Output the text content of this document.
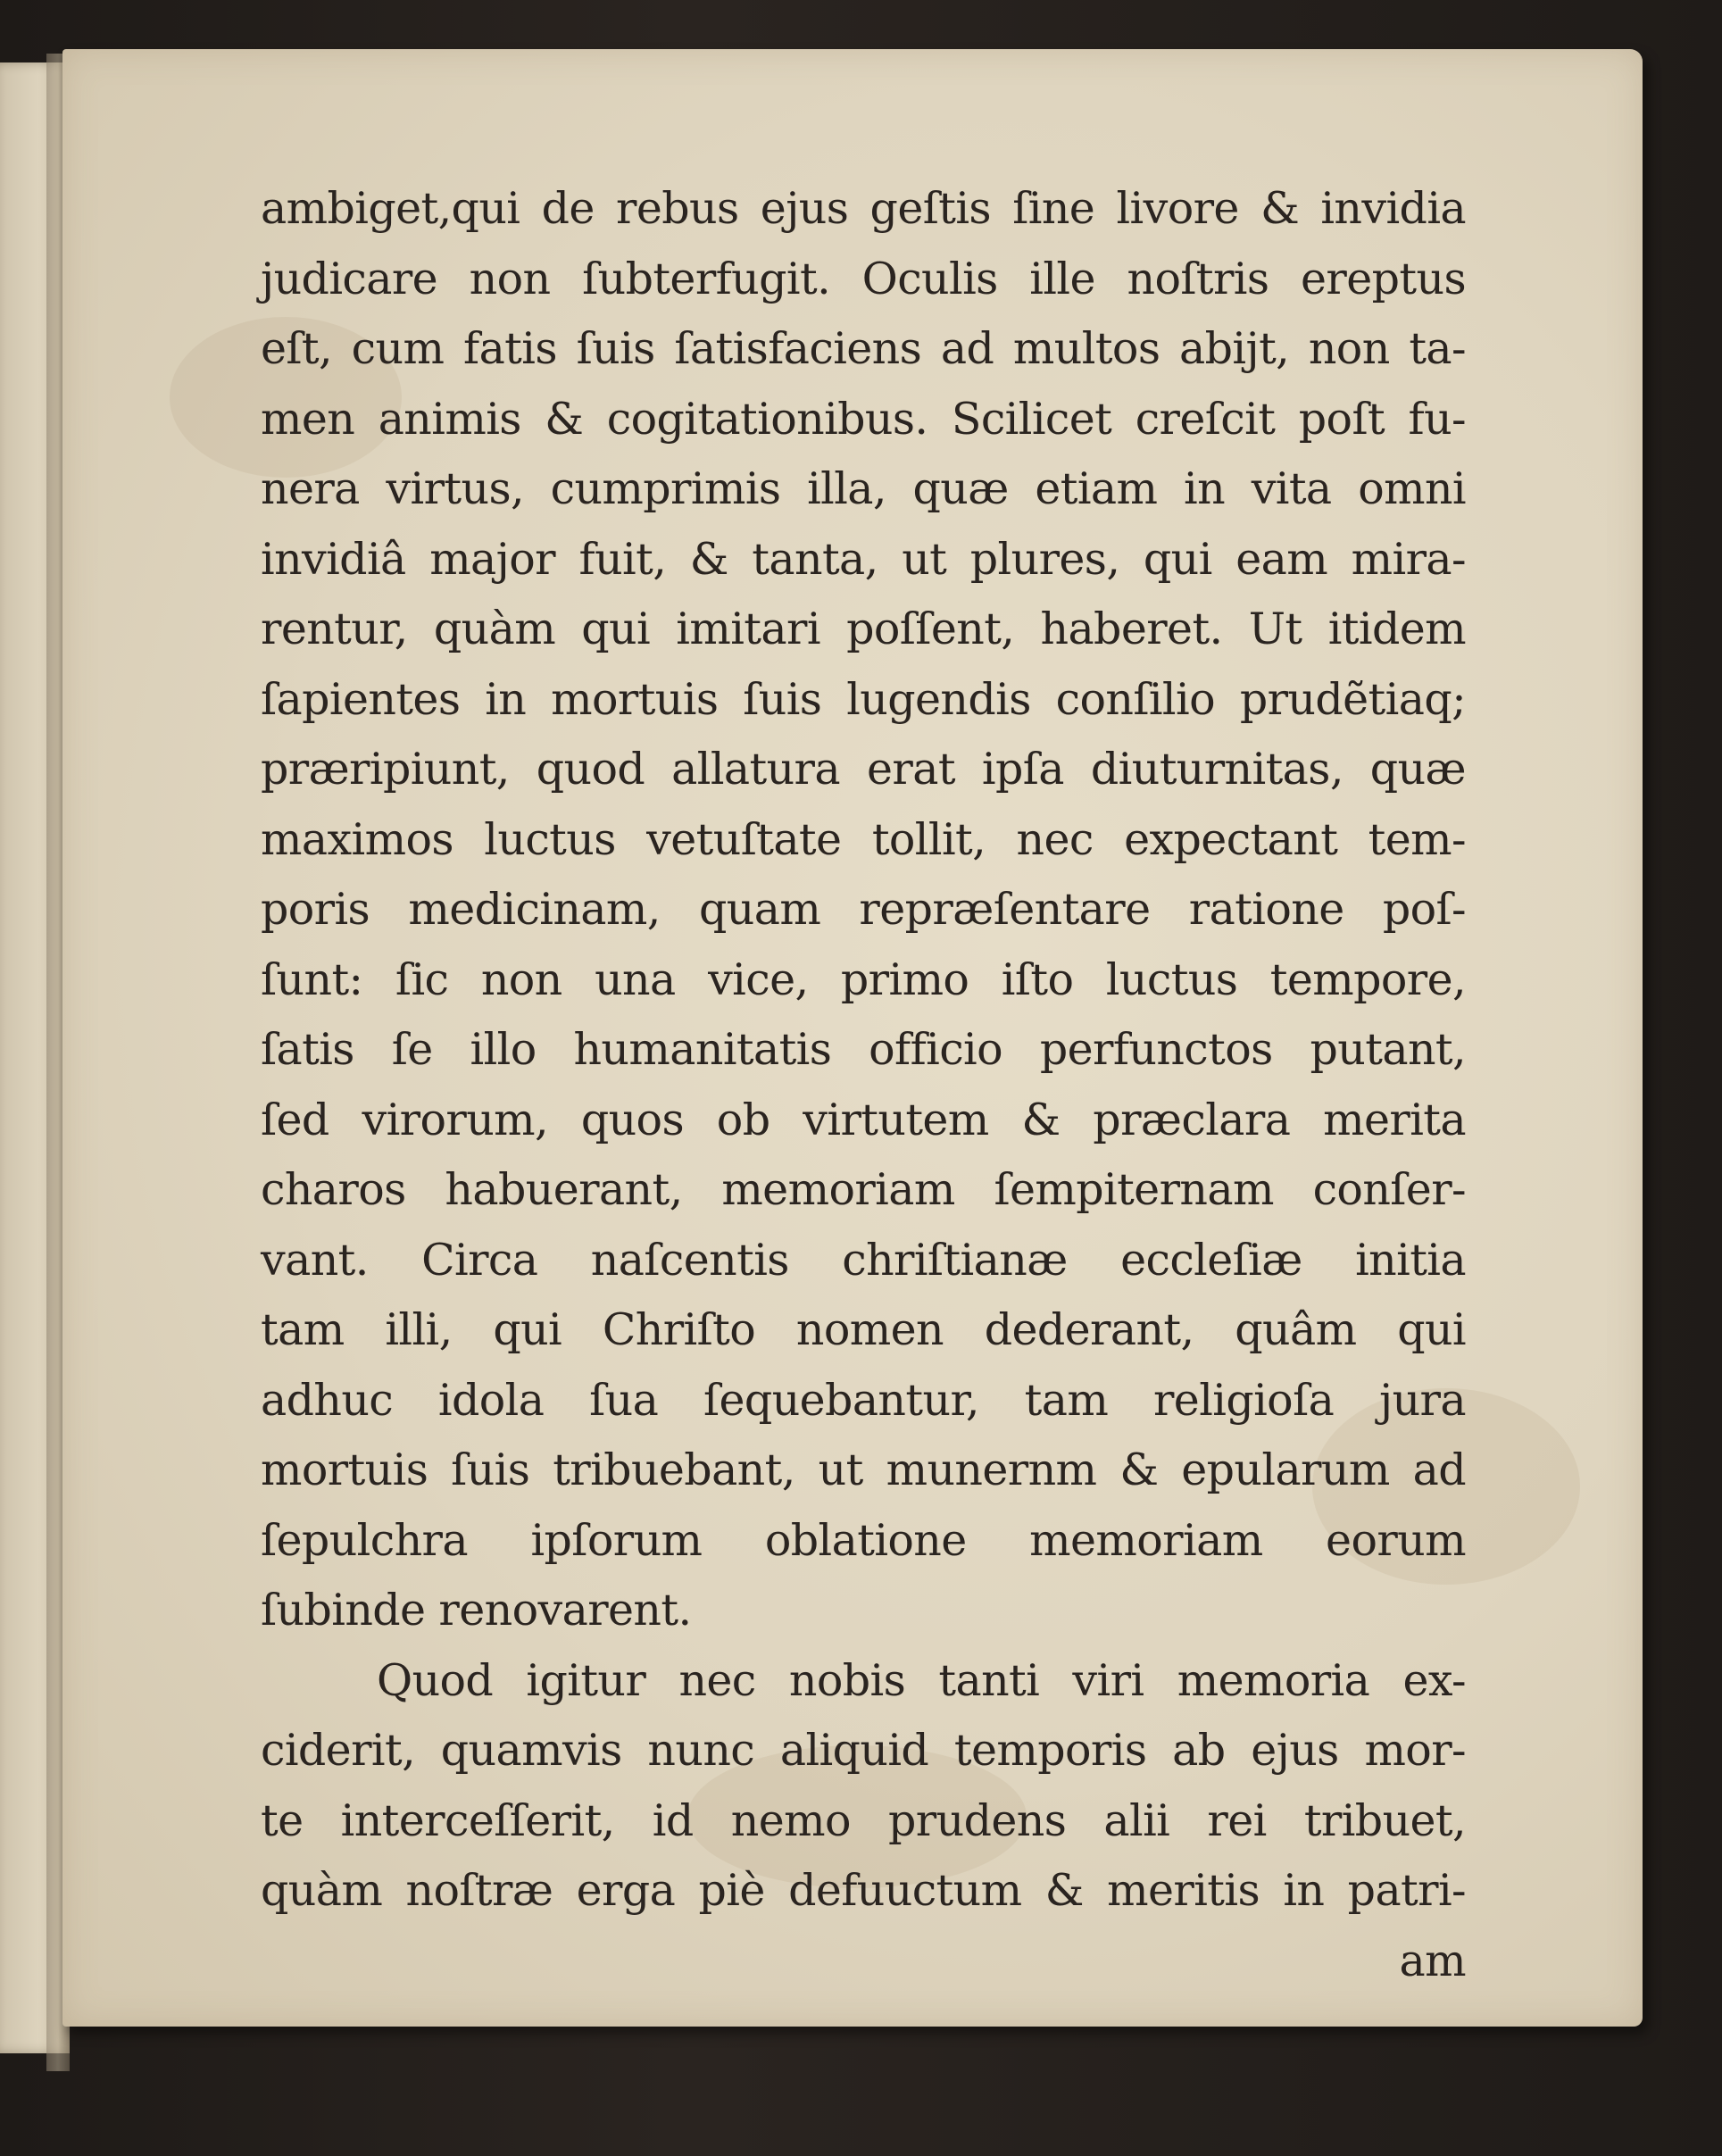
ambiget,qui de rebus ejus geſtis ſine livore & invidia
judicare non ſubterfugit. Oculis ille noſtris ereptus
eſt, cum fatis ſuis ſatisfaciens ad multos abijt, non ta-
men animis & cogitationibus. Scilicet creſcit poſt fu-
nera virtus, cumprimis illa, quæ etiam in vita omni
invidiâ major fuit, & tanta, ut plures, qui eam mira-
rentur, quàm qui imitari poſſent, haberet. Ut itidem
ſapientes in mortuis ſuis lugendis conſilio prudẽtiaq;
præripiunt, quod allatura erat ipſa diuturnitas, quæ
maximos luctus vetuſtate tollit, nec expectant tem-
poris medicinam, quam repræſentare ratione poſ-
ſunt: ſic non una vice, primo iſto luctus tempore,
ſatis ſe illo humanitatis officio perfunctos putant,
ſed virorum, quos ob virtutem & præclara merita
charos habuerant, memoriam ſempiternam conſer-
vant. Circa naſcentis chriſtianæ eccleſiæ initia
tam illi, qui Chriſto nomen dederant, quâm qui
adhuc idola ſua ſequebantur, tam religioſa jura
mortuis ſuis tribuebant, ut munernm & epularum ad
ſepulchra ipſorum oblatione memoriam eorum
ſubinde renovarent.
Quod igitur nec nobis tanti viri memoria ex-
ciderit, quamvis nunc aliquid temporis ab ejus mor-
te interceſſerit, id nemo prudens alii rei tribuet,
quàm noſtræ erga piè defuuctum & meritis in patri-
am
